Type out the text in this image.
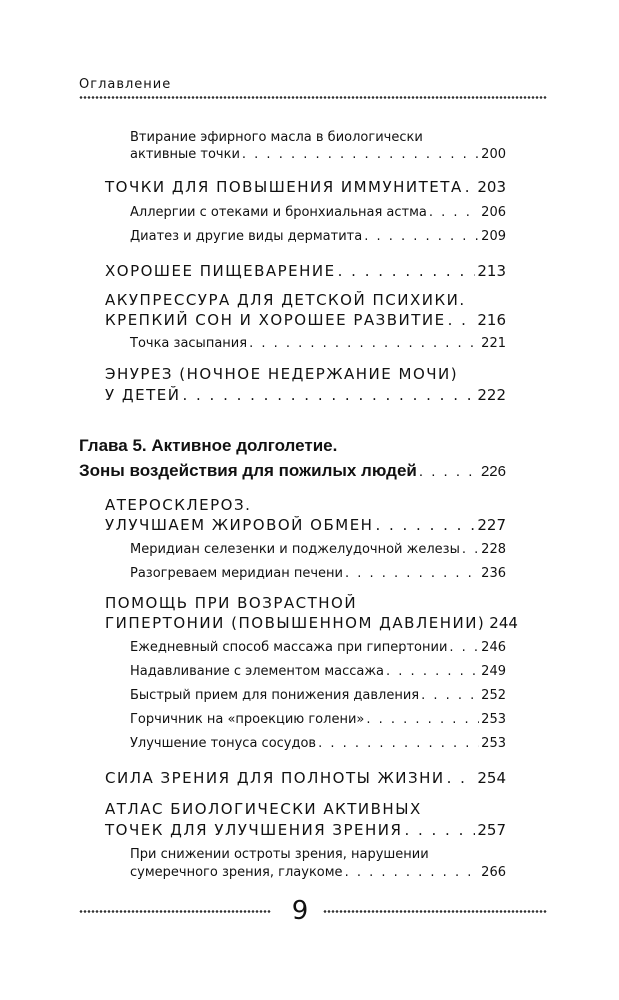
Оглавление
Втирание эфирного масла в биологически
активные точки . . .	200
ТОЧКИ ДЛЯ ПОВЫШЕНИЯ ИММУНИТЕТА . . . 203
Аллергии с отеками и бронхиальная астма . . .	206
Диатез и другие виды дерматита . . .	209
ХОРОШЕЕ ПИЩЕВАРЕНИЕ . . .	213
АКУПРЕССУРА ДЛЯ ДЕТСКОЙ ПСИХИКИ.
КРЕПКИЙ СОН И ХОРОШЕЕ РАЗВИТИЕ . . . 216
Точка засыпания . . .	221
ЭНУРЕЗ (НОЧНОЕ НЕДЕРЖАНИЕ МОЧИ)
У ДЕТЕЙ . . .	222
Глава 5. Активное долголетие.
Зоны воздействия для пожилых людей . . .	226
АТЕРОСКЛЕРОЗ.
УЛУЧШАЕМ ЖИРОВОЙ ОБМЕН . . .	227
Меридиан селезенки и поджелудочной железы . . . 228
Разогреваем меридиан печени . . .	236
ПОМОЩЬ ПРИ ВОЗРАСТНОЙ
ГИПЕРТОНИИ (ПОВЫШЕННОМ ДАВЛЕНИИ) 244
Ежедневный способ массажа при гипертонии . . .	246
Надавливание с элементом массажа . . .	249
Быстрый прием для понижения давления . . .	252
Горчичник на «проекцию голени» . . .	253
Улучшение тонуса сосудов . . .	253
СИЛА ЗРЕНИЯ ДЛЯ ПОЛНОТЫ ЖИЗНИ . . . 254
АТЛАС БИОЛОГИЧЕСКИ АКТИВНЫХ
ТОЧЕК ДЛЯ УЛУЧШЕНИЯ ЗРЕНИЯ . . .	257
При снижении остроты зрения, нарушении
сумеречного зрения, глаукоме . . .	266
9
